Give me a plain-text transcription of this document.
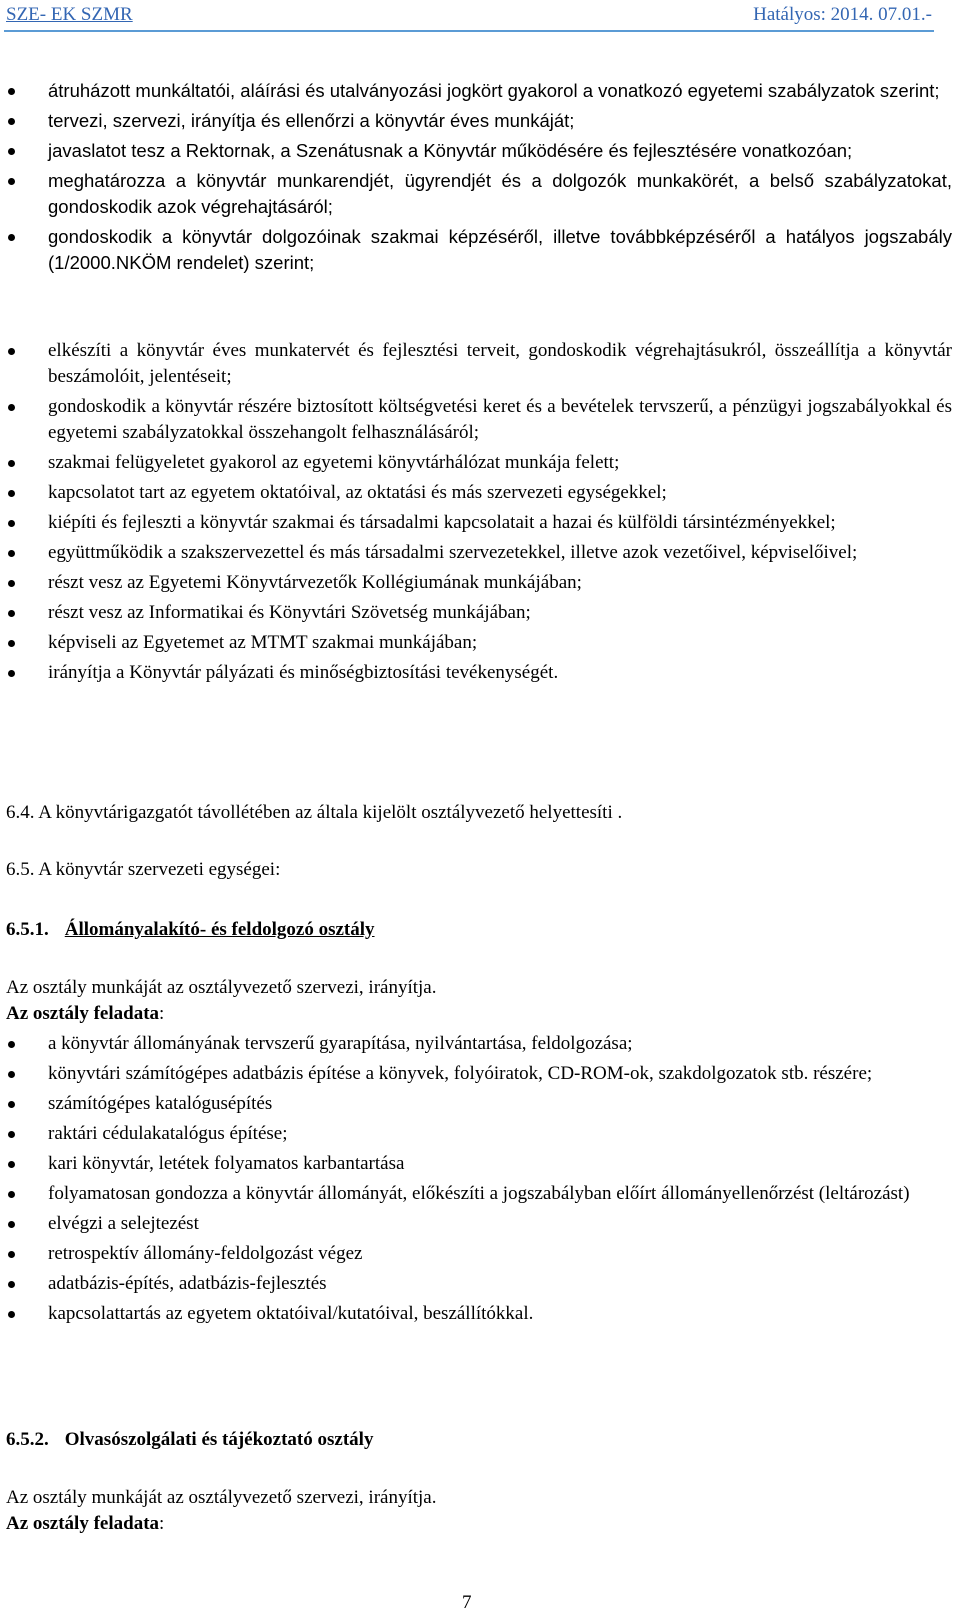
SZE- EK SZMR	Hatályos: 2014. 07.01.-
átruházott munkáltatói, aláírási és utalványozási jogkört gyakorol a vonatkozó egyetemi szabályzatok szerint;
tervezi, szervezi, irányítja és ellenőrzi a könyvtár éves munkáját;
javaslatot tesz a Rektornak, a Szenátusnak a Könyvtár működésére és fejlesztésére vonatkozóan;
meghatározza a könyvtár munkarendjét, ügyrendjét és a dolgozók munkakörét, a belső szabályzatokat, gondoskodik azok végrehajtásáról;
gondoskodik a könyvtár dolgozóinak szakmai képzéséről, illetve továbbképzéséről a hatályos jogszabály (1/2000.NKÖM rendelet) szerint;
elkészíti a könyvtár éves munkatervét és fejlesztési terveit, gondoskodik végrehajtásukról, összeállítja a könyvtár beszámolóit, jelentéseit;
gondoskodik a könyvtár részére biztosított költségvetési keret és a bevételek tervszerű, a pénzügyi jogszabályokkal és egyetemi szabályzatokkal összehangolt felhasználásáról;
szakmai felügyeletet gyakorol az egyetemi könyvtárhálózat munkája felett;
kapcsolatot tart az egyetem oktatóival, az oktatási és más szervezeti egységekkel;
kiépíti és fejleszti a könyvtár szakmai és társadalmi kapcsolatait a hazai és külföldi társintézményekkel;
együttműködik a szakszervezettel és más társadalmi szervezetekkel, illetve azok vezetőivel, képviselőivel;
részt vesz az Egyetemi Könyvtárvezetők Kollégiumának munkájában;
részt vesz az Informatikai és Könyvtári Szövetség munkájában;
képviseli az Egyetemet az MTMT szakmai munkájában;
irányítja a Könyvtár pályázati és minőségbiztosítási tevékenységét.
6.4. A könyvtárigazgatót távollétében az általa kijelölt osztályvezető helyettesíti .
6.5. A könyvtár szervezeti egységei:
6.5.1. Állományalakító- és feldolgozó osztály
Az osztály munkáját az osztályvezető szervezi, irányítja.
Az osztály feladata:
a könyvtár állományának tervszerű gyarapítása, nyilvántartása, feldolgozása;
könyvtári számítógépes adatbázis építése a könyvek, folyóiratok, CD-ROM-ok, szakdolgozatok stb. részére;
számítógépes katalógusépítés
raktári cédulakatalógus építése;
kari könyvtár, letétek folyamatos karbantartása
folyamatosan gondozza a könyvtár állományát, előkészíti a jogszabályban előírt állományellenőrzést (leltározást)
elvégzi a selejtezést
retrospektív állomány-feldolgozást végez
adatbázis-építés, adatbázis-fejlesztés
kapcsolattartás az egyetem oktatóival/kutatóival, beszállítókkal.
6.5.2. Olvasószolgálati és tájékoztató osztály
Az osztály munkáját az osztályvezető szervezi, irányítja.
Az osztály feladata:
7
